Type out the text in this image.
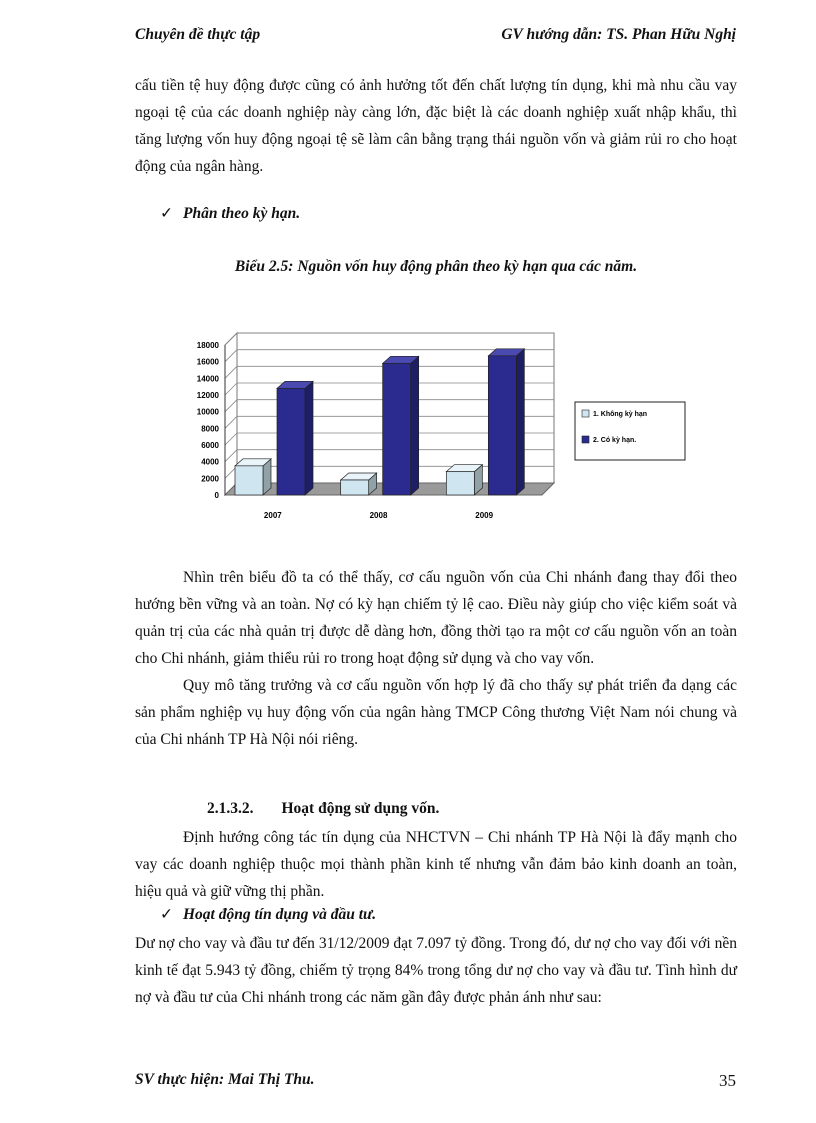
Chuyên đề thực tập	GV hướng dẫn: TS. Phan Hữu Nghị

cấu tiền tệ huy động được cũng có ảnh hưởng tốt đến chất lượng tín dụng, khi mà nhu cầu vay ngoại tệ của các doanh nghiệp này càng lớn, đặc biệt là các doanh nghiệp xuất nhập khẩu, thì tăng lượng vốn huy động ngoại tệ sẽ làm cân bằng trạng thái nguồn vốn và giảm rủi ro cho hoạt động của ngân hàng.

✓ Phân theo kỳ hạn.
Biểu 2.5: Nguồn vốn huy động phân theo kỳ hạn qua các năm.
0
2000
4000
6000
8000
10000
12000
14000
16000
18000
2007	2008	2009
1. Không kỳ hạn
2. Có kỳ hạn.

Nhìn trên biểu đồ ta có thể thấy, cơ cấu nguồn vốn của Chi nhánh đang thay đổi theo hướng bền vững và an toàn. Nợ có kỳ hạn chiếm tỷ lệ cao. Điều này giúp cho việc kiểm soát và quản trị của các nhà quản trị được dễ dàng hơn, đồng thời tạo ra một cơ cấu nguồn vốn an toàn cho Chi nhánh, giảm thiểu rủi ro trong hoạt động sử dụng và cho vay vốn.

Quy mô tăng trưởng và cơ cấu nguồn vốn hợp lý đã cho thấy sự phát triển đa dạng các sản phẩm nghiệp vụ huy động vốn của ngân hàng TMCP Công thương Việt Nam nói chung và của Chi nhánh TP Hà Nội nói riêng.

2.1.3.2. Hoạt động sử dụng vốn.

Định hướng công tác tín dụng của NHCTVN – Chi nhánh TP Hà Nội là đẩy mạnh cho vay các doanh nghiệp thuộc mọi thành phần kinh tế nhưng vẫn đảm bảo kinh doanh an toàn, hiệu quả và giữ vững thị phần.

✓ Hoạt động tín dụng và đầu tư.

Dư nợ cho vay và đầu tư đến 31/12/2009 đạt 7.097 tỷ đồng. Trong đó, dư nợ cho vay đối với nền kinh tế đạt 5.943 tỷ đồng, chiếm tỷ trọng 84% trong tổng dư nợ cho vay và đầu tư. Tình hình dư nợ và đầu tư của Chi nhánh trong các năm gần đây được phản ánh như sau:

SV thực hiện: Mai Thị Thu.	35
